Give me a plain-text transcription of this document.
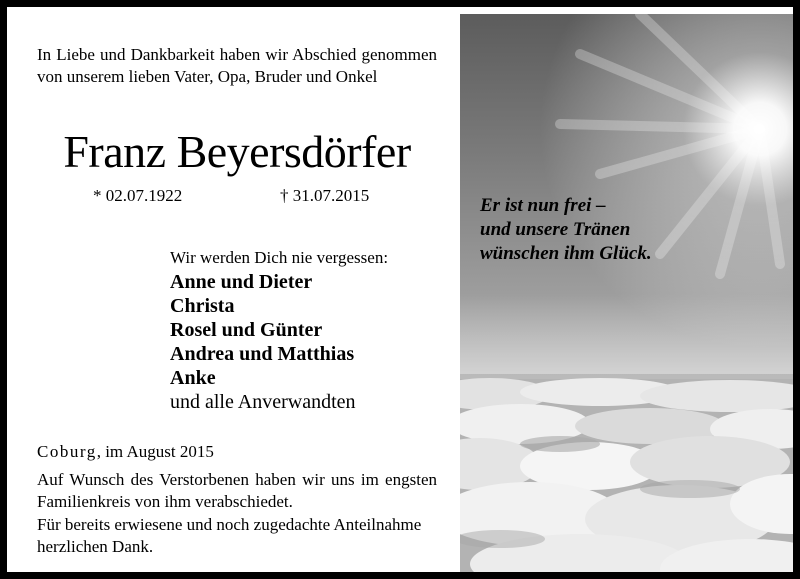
In Liebe und Dankbarkeit haben wir Abschied genommen von unserem lieben Vater, Opa, Bruder und Onkel
Franz Beyersdörfer
* 02.07.1922	† 31.07.2015
Wir werden Dich nie vergessen:
Anne und Dieter
Christa
Rosel und Günter
Andrea und Matthias
Anke
und alle Anverwandten
Coburg, im August 2015
Auf Wunsch des Verstorbenen haben wir uns im engsten Familienkreis von ihm verabschiedet.
Für bereits erwiesene und noch zugedachte Anteilnahme herzlichen Dank.
Er ist nun frei –
und unsere Tränen
wünschen ihm Glück.
